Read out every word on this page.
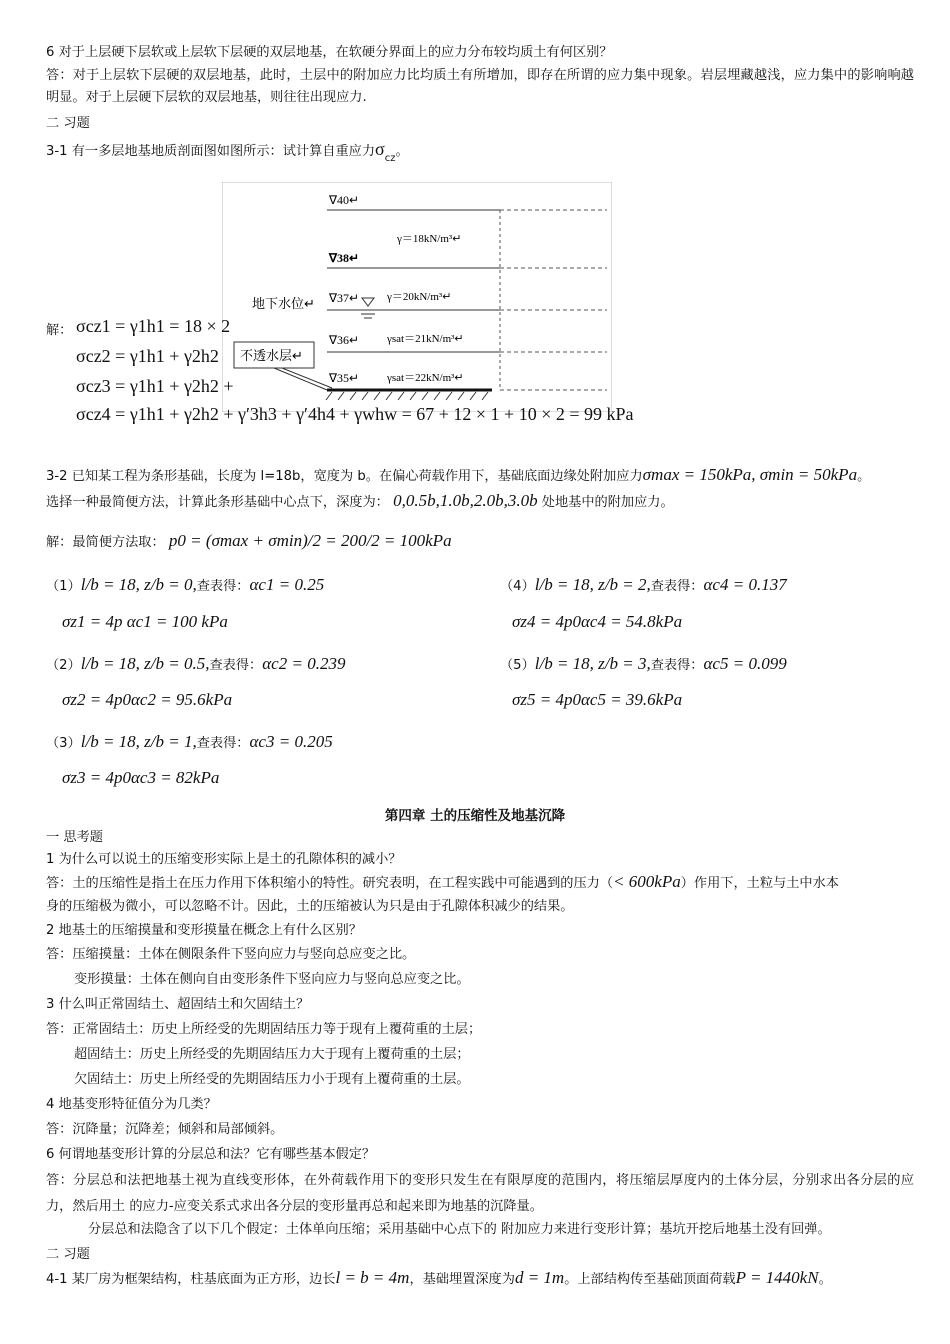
6 对于上层硬下层软或上层软下层硬的双层地基，在软硬分界面上的应力分布较均质土有何区别？
答：对于上层软下层硬的双层地基，此时，土层中的附加应力比均质土有所增加，即存在所谓的应力集中现象。岩层埋藏越浅，应力集中的影响响越明显。对于上层硬下层软的双层地基，则往往出现应力.
二 习题
3-1 有一多层地基地质剖面图如图所示：试计算自重应力$\sigma_{cz}$。
∇40↵
∇38↵
∇37↵
∇36↵
∇35↵
γ＝18kN/m³↵
γ＝20kN/m³↵
γsat＝21kN/m³↵
γsat＝22kN/m³↵
地下水位↵
不透水层↵
解： σcz1 = γ1h1 = 18 × 2
σcz2 = γ1h1 + γ2h2
σcz3 = γ1h1 + γ2h2 +
σcz4 = γ1h1 + γ2h2 + γ′3h3 + γ′4h4 + γwhw = 67 + 12 × 1 + 10 × 2 = 99 kPa
3-2 已知某工程为条形基础，长度为 l=18b，宽度为 b。在偏心荷载作用下，基础底面边缘处附加应力σmax = 150kPa, σmin = 50kPa。
选择一种最简便方法，计算此条形基础中心点下，深度为： 0,0.5b,1.0b,2.0b,3.0b 处地基中的附加应力。
解：最简便方法取： p0 = (σmax + σmin)/2 = 200/2 = 100kPa
（1）l/b = 18, z/b = 0,查表得：αc1 = 0.25
σz1 = 4p αc1 = 100 kPa
（2）l/b = 18, z/b = 0.5,查表得：αc2 = 0.239
σz2 = 4p0αc2 = 95.6kPa
（3）l/b = 18, z/b = 1,查表得：αc3 = 0.205
σz3 = 4p0αc3 = 82kPa
（4）l/b = 18, z/b = 2,查表得：αc4 = 0.137
σz4 = 4p0αc4 = 54.8kPa
（5）l/b = 18, z/b = 3,查表得：αc5 = 0.099
σz5 = 4p0αc5 = 39.6kPa
第四章 土的压缩性及地基沉降
一 思考题
1 为什么可以说土的压缩变形实际上是土的孔隙体积的减小？
答：土的压缩性是指土在压力作用下体积缩小的特性。研究表明，在工程实践中可能遇到的压力（< 600kPa）作用下，土粒与土中水本
身的压缩极为微小，可以忽略不计。因此，土的压缩被认为只是由于孔隙体积减少的结果。
2 地基土的压缩摸量和变形摸量在概念上有什么区别？
答：压缩摸量：土体在侧限条件下竖向应力与竖向总应变之比。
变形摸量：土体在侧向自由变形条件下竖向应力与竖向总应变之比。
3 什么叫正常固结土、超固结土和欠固结土？
答：正常固结土：历史上所经受的先期固结压力等于现有上覆荷重的土层；
超固结土：历史上所经受的先期固结压力大于现有上覆荷重的土层；
欠固结土：历史上所经受的先期固结压力小于现有上覆荷重的土层。
4 地基变形特征值分为几类？
答：沉降量；沉降差；倾斜和局部倾斜。
6 何谓地基变形计算的分层总和法？它有哪些基本假定？
答：分层总和法把地基土视为直线变形体，在外荷载作用下的变形只发生在有限厚度的范围内，将压缩层厚度内的土体分层，分别求出各分层的应力，然后用土 的应力-应变关系式求出各分层的变形量再总和起来即为地基的沉降量。
分层总和法隐含了以下几个假定：土体单向压缩；采用基础中心点下的 附加应力来进行变形计算；基坑开挖后地基土没有回弹。
二 习题
4-1 某厂房为框架结构，柱基底面为正方形，边长l = b = 4m，基础埋置深度为d = 1m。上部结构传至基础顶面荷载P = 1440kN。
